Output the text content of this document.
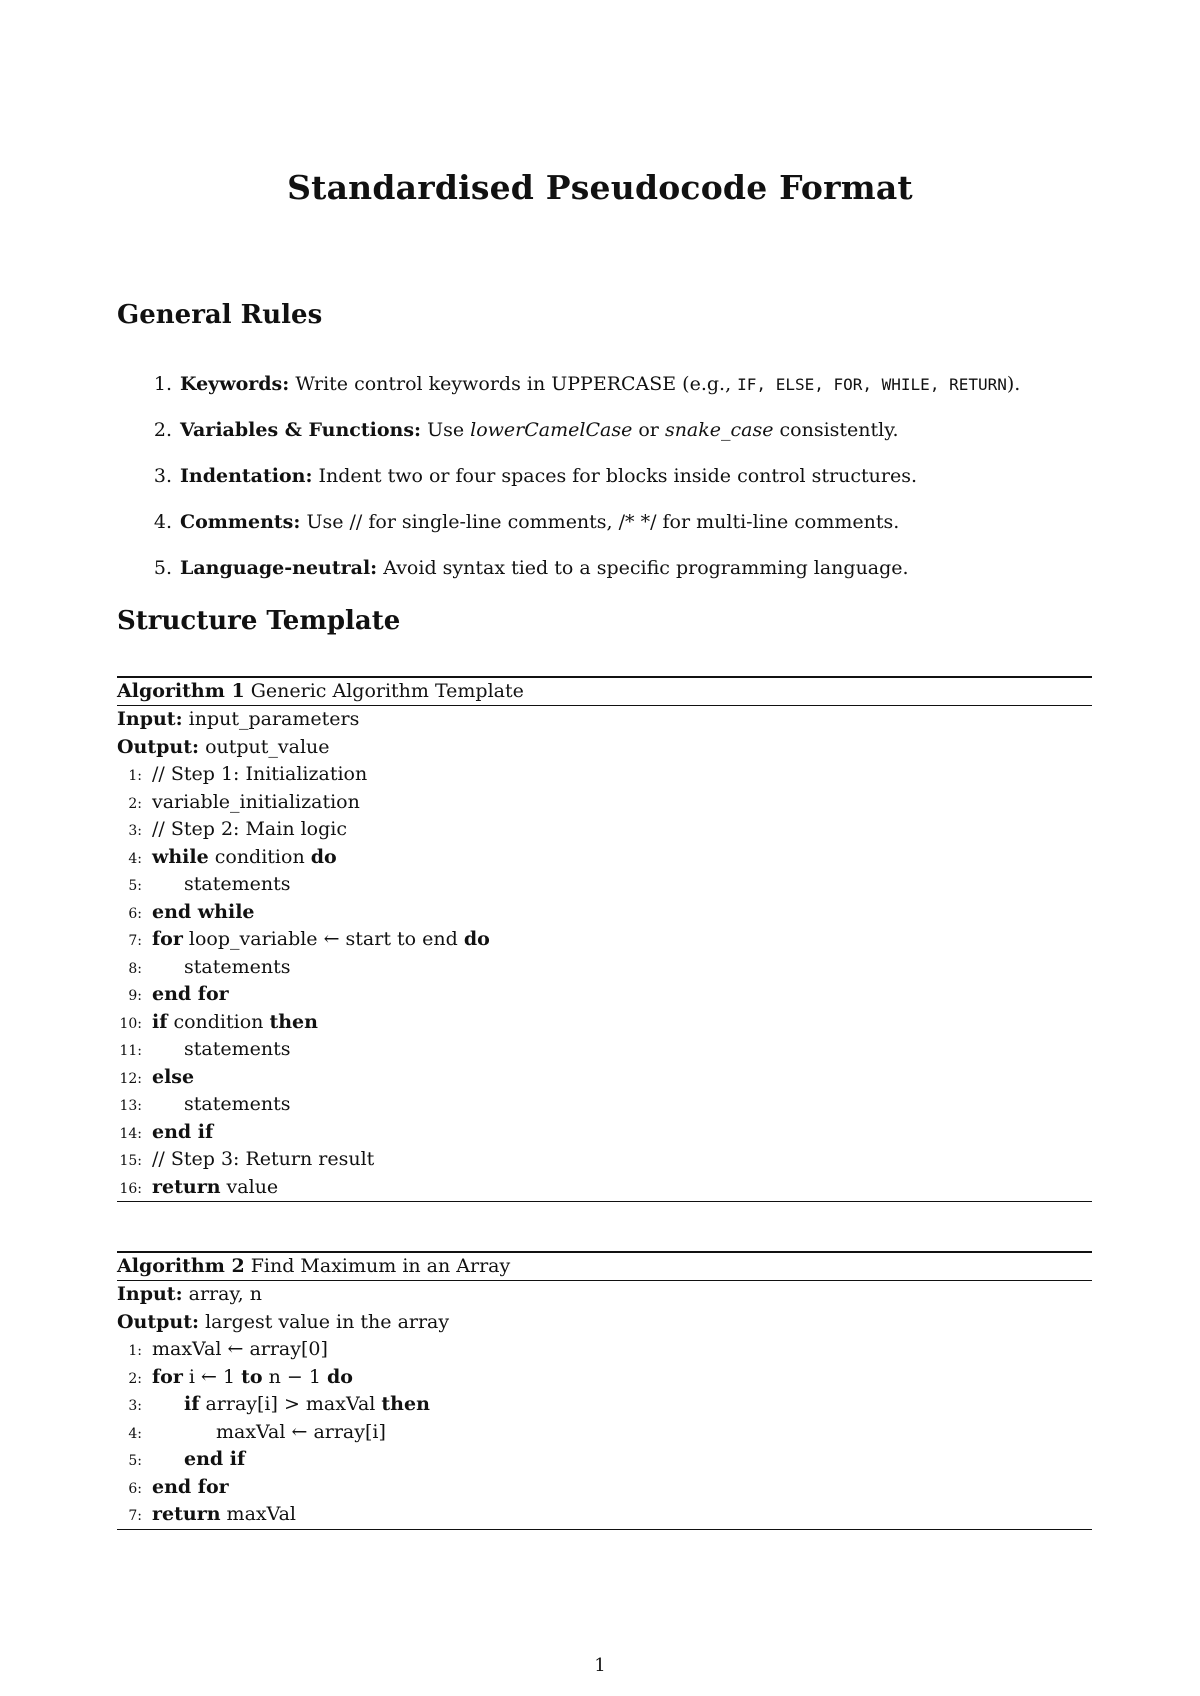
Standardised Pseudocode Format
General Rules
1. Keywords: Write control keywords in UPPERCASE (e.g., IF, ELSE, FOR, WHILE, RETURN).
2. Variables & Functions: Use lowerCamelCase or snake_case consistently.
3. Indentation: Indent two or four spaces for blocks inside control structures.
4. Comments: Use // for single-line comments, /* */ for multi-line comments.
5. Language-neutral: Avoid syntax tied to a specific programming language.
Structure Template
Algorithm 1 Generic Algorithm Template
Input: input_parameters
Output: output_value
1: // Step 1: Initialization
2: variable_initialization
3: // Step 2: Main logic
4: while condition do
5: statements
6: end while
7: for loop_variable ← start to end do
8: statements
9: end for
10: if condition then
11: statements
12: else
13: statements
14: end if
15: // Step 3: Return result
16: return value
Algorithm 2 Find Maximum in an Array
Input: array, n
Output: largest value in the array
1: maxVal ← array[0]
2: for i ← 1 to n − 1 do
3: if array[i] > maxVal then
4:	maxVal ← array[i]
5: end if
6: end for
7: return maxVal
1
